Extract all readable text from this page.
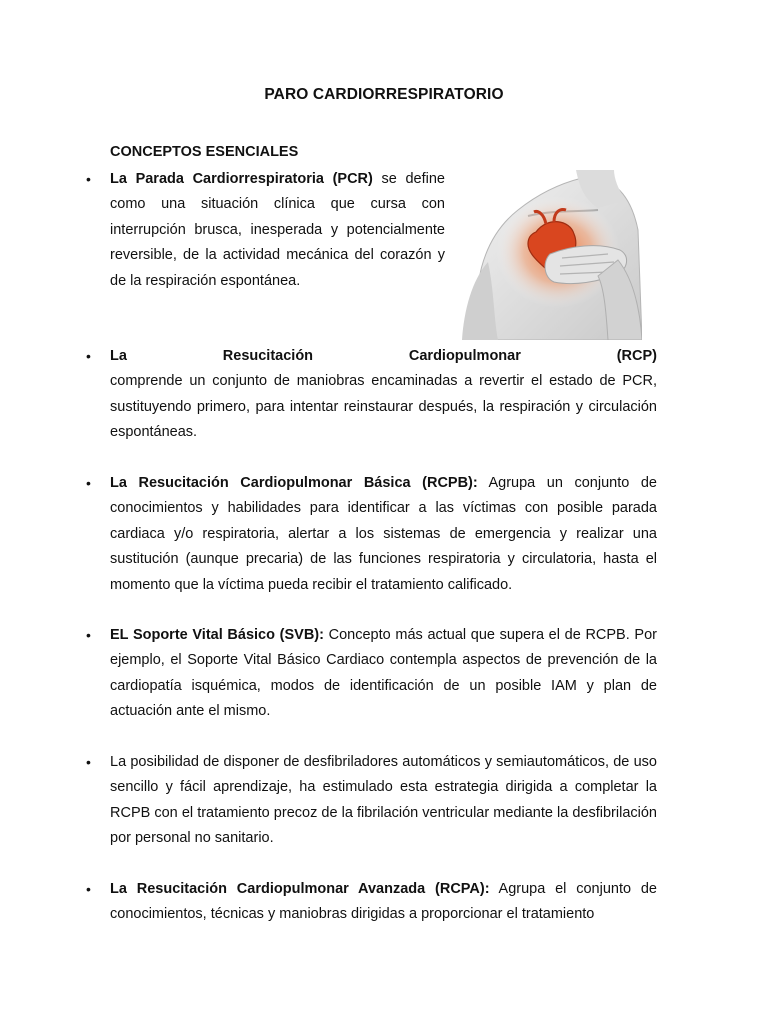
PARO CARDIORRESPIRATORIO
CONCEPTOS ESENCIALES
• La Parada Cardiorrespiratoria (PCR) se define como una situación clínica que cursa con interrupción brusca, inesperada y potencialmente reversible, de la actividad mecánica del corazón y de la respiración espontánea.
• La Resucitación Cardiopulmonar (RCP)
comprende un conjunto de maniobras encaminadas a revertir el estado de PCR, sustituyendo primero, para intentar reinstaurar después, la respiración y circulación espontáneas.
• La Resucitación Cardiopulmonar Básica (RCPB): Agrupa un conjunto de conocimientos y habilidades para identificar a las víctimas con posible parada cardiaca y/o respiratoria, alertar a los sistemas de emergencia y realizar una sustitución (aunque precaria) de las funciones respiratoria y circulatoria, hasta el momento que la víctima pueda recibir el tratamiento calificado.
• EL Soporte Vital Básico (SVB): Concepto más actual que supera el de RCPB. Por ejemplo, el Soporte Vital Básico Cardiaco contempla aspectos de prevención de la cardiopatía isquémica, modos de identificación de un posible IAM y plan de actuación ante el mismo.
• La posibilidad de disponer de desfibriladores automáticos y semiautomáticos, de uso sencillo y fácil aprendizaje, ha estimulado esta estrategia dirigida a completar la RCPB con el tratamiento precoz de la fibrilación ventricular mediante la desfibrilación por personal no sanitario.
• La Resucitación Cardiopulmonar Avanzada (RCPA): Agrupa el conjunto de conocimientos, técnicas y maniobras dirigidas a proporcionar el tratamiento
